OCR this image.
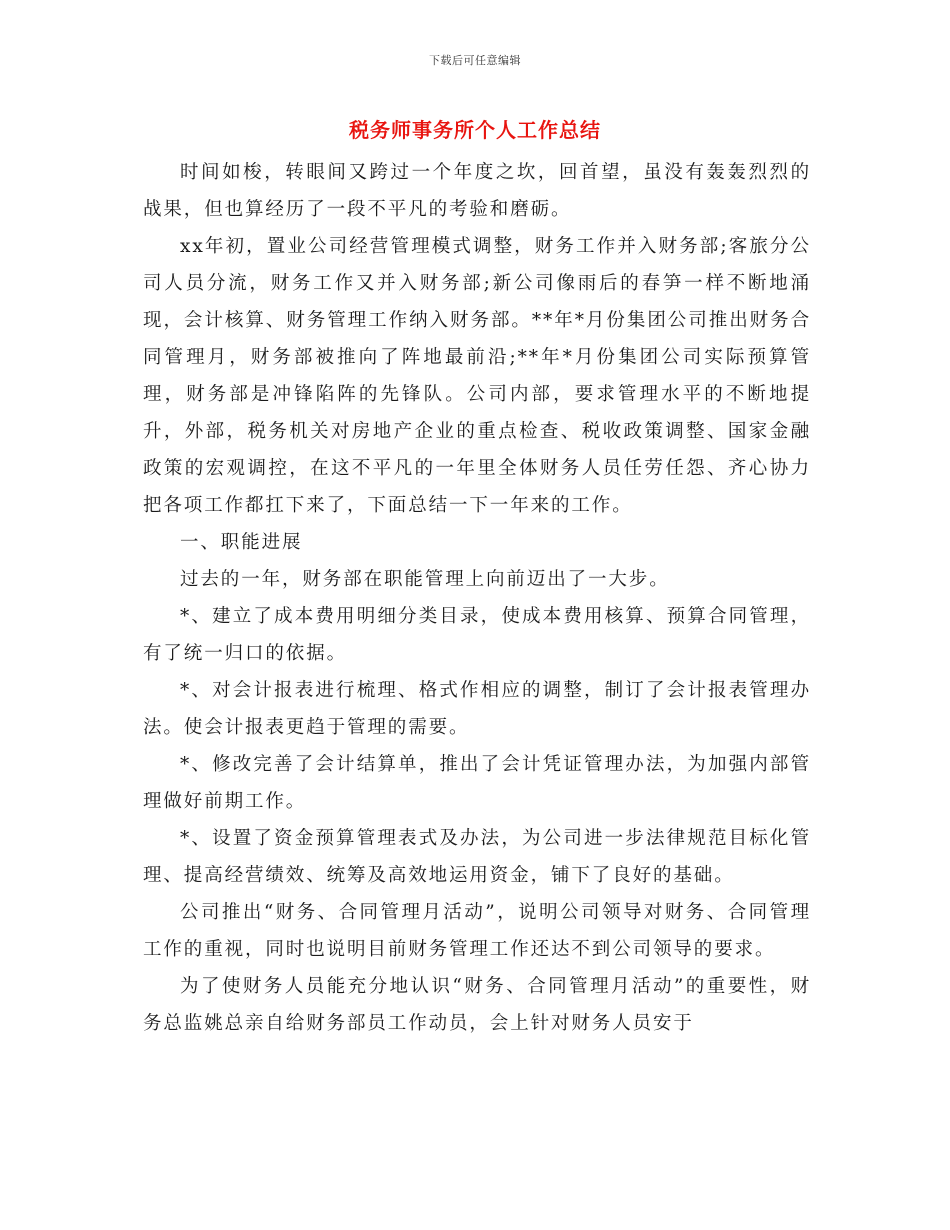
下载后可任意编辑
税务师事务所个人工作总结

时间如梭，转眼间又跨过一个年度之坎，回首望，虽没有轰轰烈烈的战果，但也算经历了一段不平凡的考验和磨砺。

xx年初，置业公司经营管理模式调整，财务工作并入财务部;客旅分公司人员分流，财务工作又并入财务部;新公司像雨后的春笋一样不断地涌现，会计核算、财务管理工作纳入财务部。**年*月份集团公司推出财务合同管理月，财务部被推向了阵地最前沿;**年*月份集团公司实际预算管理，财务部是冲锋陷阵的先锋队。公司内部，要求管理水平的不断地提升，外部，税务机关对房地产企业的重点检查、税收政策调整、国家金融政策的宏观调控，在这不平凡的一年里全体财务人员任劳任怨、齐心协力把各项工作都扛下来了，下面总结一下一年来的工作。

一、职能进展

过去的一年，财务部在职能管理上向前迈出了一大步。

*、建立了成本费用明细分类目录，使成本费用核算、预算合同管理，有了统一归口的依据。

*、对会计报表进行梳理、格式作相应的调整，制订了会计报表管理办法。使会计报表更趋于管理的需要。

*、修改完善了会计结算单，推出了会计凭证管理办法，为加强内部管理做好前期工作。

*、设置了资金预算管理表式及办法，为公司进一步法律规范目标化管理、提高经营绩效、统筹及高效地运用资金，铺下了良好的基础。

公司推出“财务、合同管理月活动”，说明公司领导对财务、合同管理工作的重视，同时也说明目前财务管理工作还达不到公司领导的要求。

为了使财务人员能充分地认识“财务、合同管理月活动”的重要性，财务总监姚总亲自给财务部员工作动员，会上针对财务人员安于
